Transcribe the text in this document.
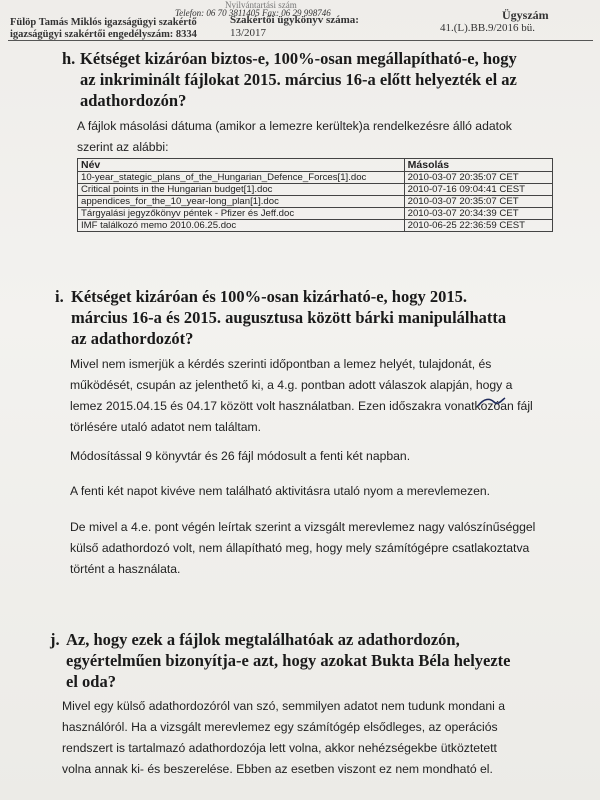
Nyilvántartási szám
Telefon: 06 70 3811405 Fax: 06 29 998746
Fülöp Tamás Miklós igazságügyi szakértő
igazságügyi szakértői engedélyszám: 8334
Szakértői ügykönyv száma:
13/2017
Ügyszám
41.(L).BB.9/2016 bü.
h. Kétséget kizáróan biztos-e, 100%-osan megállapítható-e, hogy
az inkriminált fájlokat 2015. március 16-a előtt helyezték el az
adathordozón?
A fájlok másolási dátuma (amikor a lemezre kerültek)a rendelkezésre álló adatok
szerint az alábbi:
Név	Másolás
10-year_stategic_plans_of_the_Hungarian_Defence_Forces[1].doc	2010-03-07 20:35:07 CET
Critical points in the Hungarian budget[1].doc	2010-07-16 09:04:41 CEST
appendices_for_the_10_year-long_plan[1].doc	2010-03-07 20:35:07 CET
Tárgyalási jegyzőkönyv péntek - Pfizer és Jeff.doc	2010-03-07 20:34:39 CET
IMF találkozó memo 2010.06.25.doc	2010-06-25 22:36:59 CEST
i. Kétséget kizáróan és 100%-osan kizárható-e, hogy 2015.
március 16-a és 2015. augusztusa között bárki manipulálhatta
az adathordozót?
Mivel nem ismerjük a kérdés szerinti időpontban a lemez helyét, tulajdonát, és
működését, csupán az jelenthető ki, a 4.g. pontban adott válaszok alapján, hogy a
lemez 2015.04.15 és 04.17 között volt használatban. Ezen időszakra vonatkozóan fájl
törlésére utaló adatot nem találtam.
Módosítással 9 könyvtár és 26 fájl módosult a fenti két napban.
A fenti két napot kivéve nem található aktivitásra utaló nyom a merevlemezen.
De mivel a 4.e. pont végén leírtak szerint a vizsgált merevlemez nagy valószínűséggel
külső adathordozó volt, nem állapítható meg, hogy mely számítógépre csatlakoztatva
történt a használata.
j. Az, hogy ezek a fájlok megtalálhatóak az adathordozón,
egyértelműen bizonyítja-e azt, hogy azokat Bukta Béla helyezte
el oda?
Mivel egy külső adathordozóról van szó, semmilyen adatot nem tudunk mondani a
használóról. Ha a vizsgált merevlemez egy számítógép elsődleges, az operációs
rendszert is tartalmazó adathordozója lett volna, akkor nehézségekbe ütköztetett
volna annak ki- és beszerelése. Ebben az esetben viszont ez nem mondható el.
